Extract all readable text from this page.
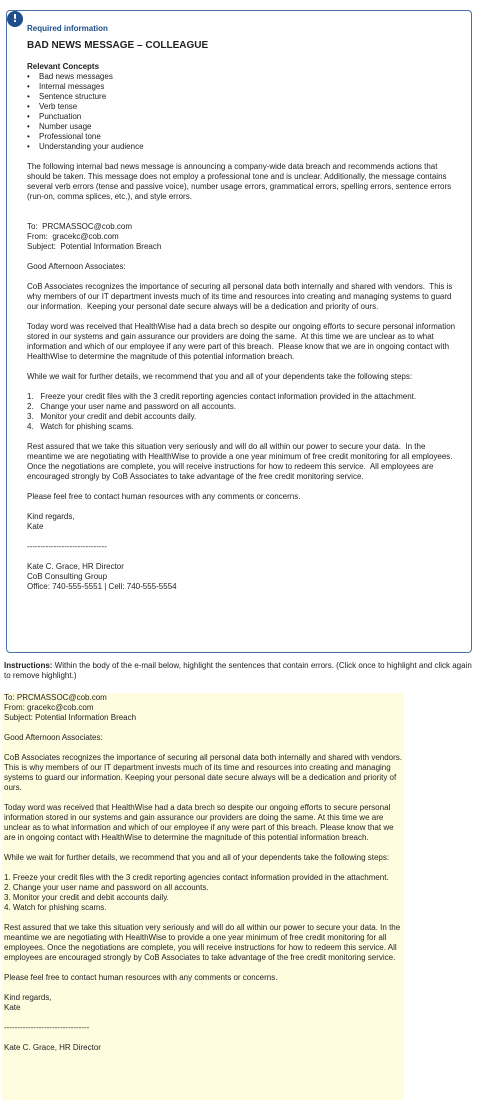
!

Required information

BAD NEWS MESSAGE – COLLEAGUE

Relevant Concepts

• Bad news messages
• Internal messages
• Sentence structure
• Verb tense
• Punctuation
• Number usage
• Professional tone
• Understanding your audience

The following internal bad news message is announcing a company-wide data breach and recommends actions that should be taken. This message does not employ a professional tone and is unclear. Additionally, the message contains several verb errors (tense and passive voice), number usage errors, grammatical errors, spelling errors, sentence errors (run-on, comma splices, etc.), and style errors.

To:  PRCMASSOC@cob.com

From:  gracekc@cob.com

Subject:  Potential Information Breach

Good Afternoon Associates:

CoB Associates recognizes the importance of securing all personal data both internally and shared with vendors.  This is why members of our IT department invests much of its time and resources into creating and managing systems to guard our information.  Keeping your personal date secure always will be a dedication and priority of ours.

Today word was received that HealthWise had a data brech so despite our ongoing efforts to secure personal information stored in our systems and gain assurance our providers are doing the same.  At this time we are unclear as to what information and which of our employee if any were part of this breach.  Please know that we are in ongoing contact with HealthWise to determine the magnitude of this potential information breach.

While we wait for further details, we recommend that you and all of your dependents take the following steps:

1.   Freeze your credit files with the 3 credit reporting agencies contact information provided in the attachment.

2.   Change your user name and password on all accounts.

3.   Monitor your credit and debit accounts daily.

4.   Watch for phishing scams.

Rest assured that we take this situation very seriously and will do all within our power to secure your data.  In the meantime we are negotiating with HealthWise to provide a one year minimum of free credit monitoring for all employees.  Once the negotiations are complete, you will receive instructions for how to redeem this service.  All employees are encouraged strongly by CoB Associates to take advantage of the free credit monitoring service.

Please feel free to contact human resources with any comments or concerns.

Kind regards,

Kate

------------------------------

Kate C. Grace, HR Director

CoB Consulting Group

Office: 740-555-5551 | Cell: 740-555-5554

Instructions: Within the body of the e-mail below, highlight the sentences that contain errors. (Click once to highlight and click again to remove highlight.)

To: PRCMASSOC@cob.com

From: gracekc@cob.com

Subject: Potential Information Breach

Good Afternoon Associates:

CoB Associates recognizes the importance of securing all personal data both internally and shared with vendors. This is why members of our IT department invests much of its time and resources into creating and managing systems to guard our information. Keeping your personal date secure always will be a dedication and priority of ours.

Today word was received that HealthWise had a data brech so despite our ongoing efforts to secure personal information stored in our systems and gain assurance our providers are doing the same. At this time we are unclear as to what information and which of our employee if any were part of this breach. Please know that we are in ongoing contact with HealthWise to determine the magnitude of this potential information breach.

While we wait for further details, we recommend that you and all of your dependents take the following steps:

1. Freeze your credit files with the 3 credit reporting agencies contact information provided in the attachment.

2. Change your user name and password on all accounts.

3. Monitor your credit and debit accounts daily.

4. Watch for phishing scams.

Rest assured that we take this situation very seriously and will do all within our power to secure your data. In the meantime we are negotiating with HealthWise to provide a one year minimum of free credit monitoring for all employees. Once the negotiations are complete, you will receive instructions for how to redeem this service. All employees are encouraged strongly by CoB Associates to take advantage of the free credit monitoring service.

Please feel free to contact human resources with any comments or concerns.

Kind regards,

Kate

--------------------------------

Kate C. Grace, HR Director
